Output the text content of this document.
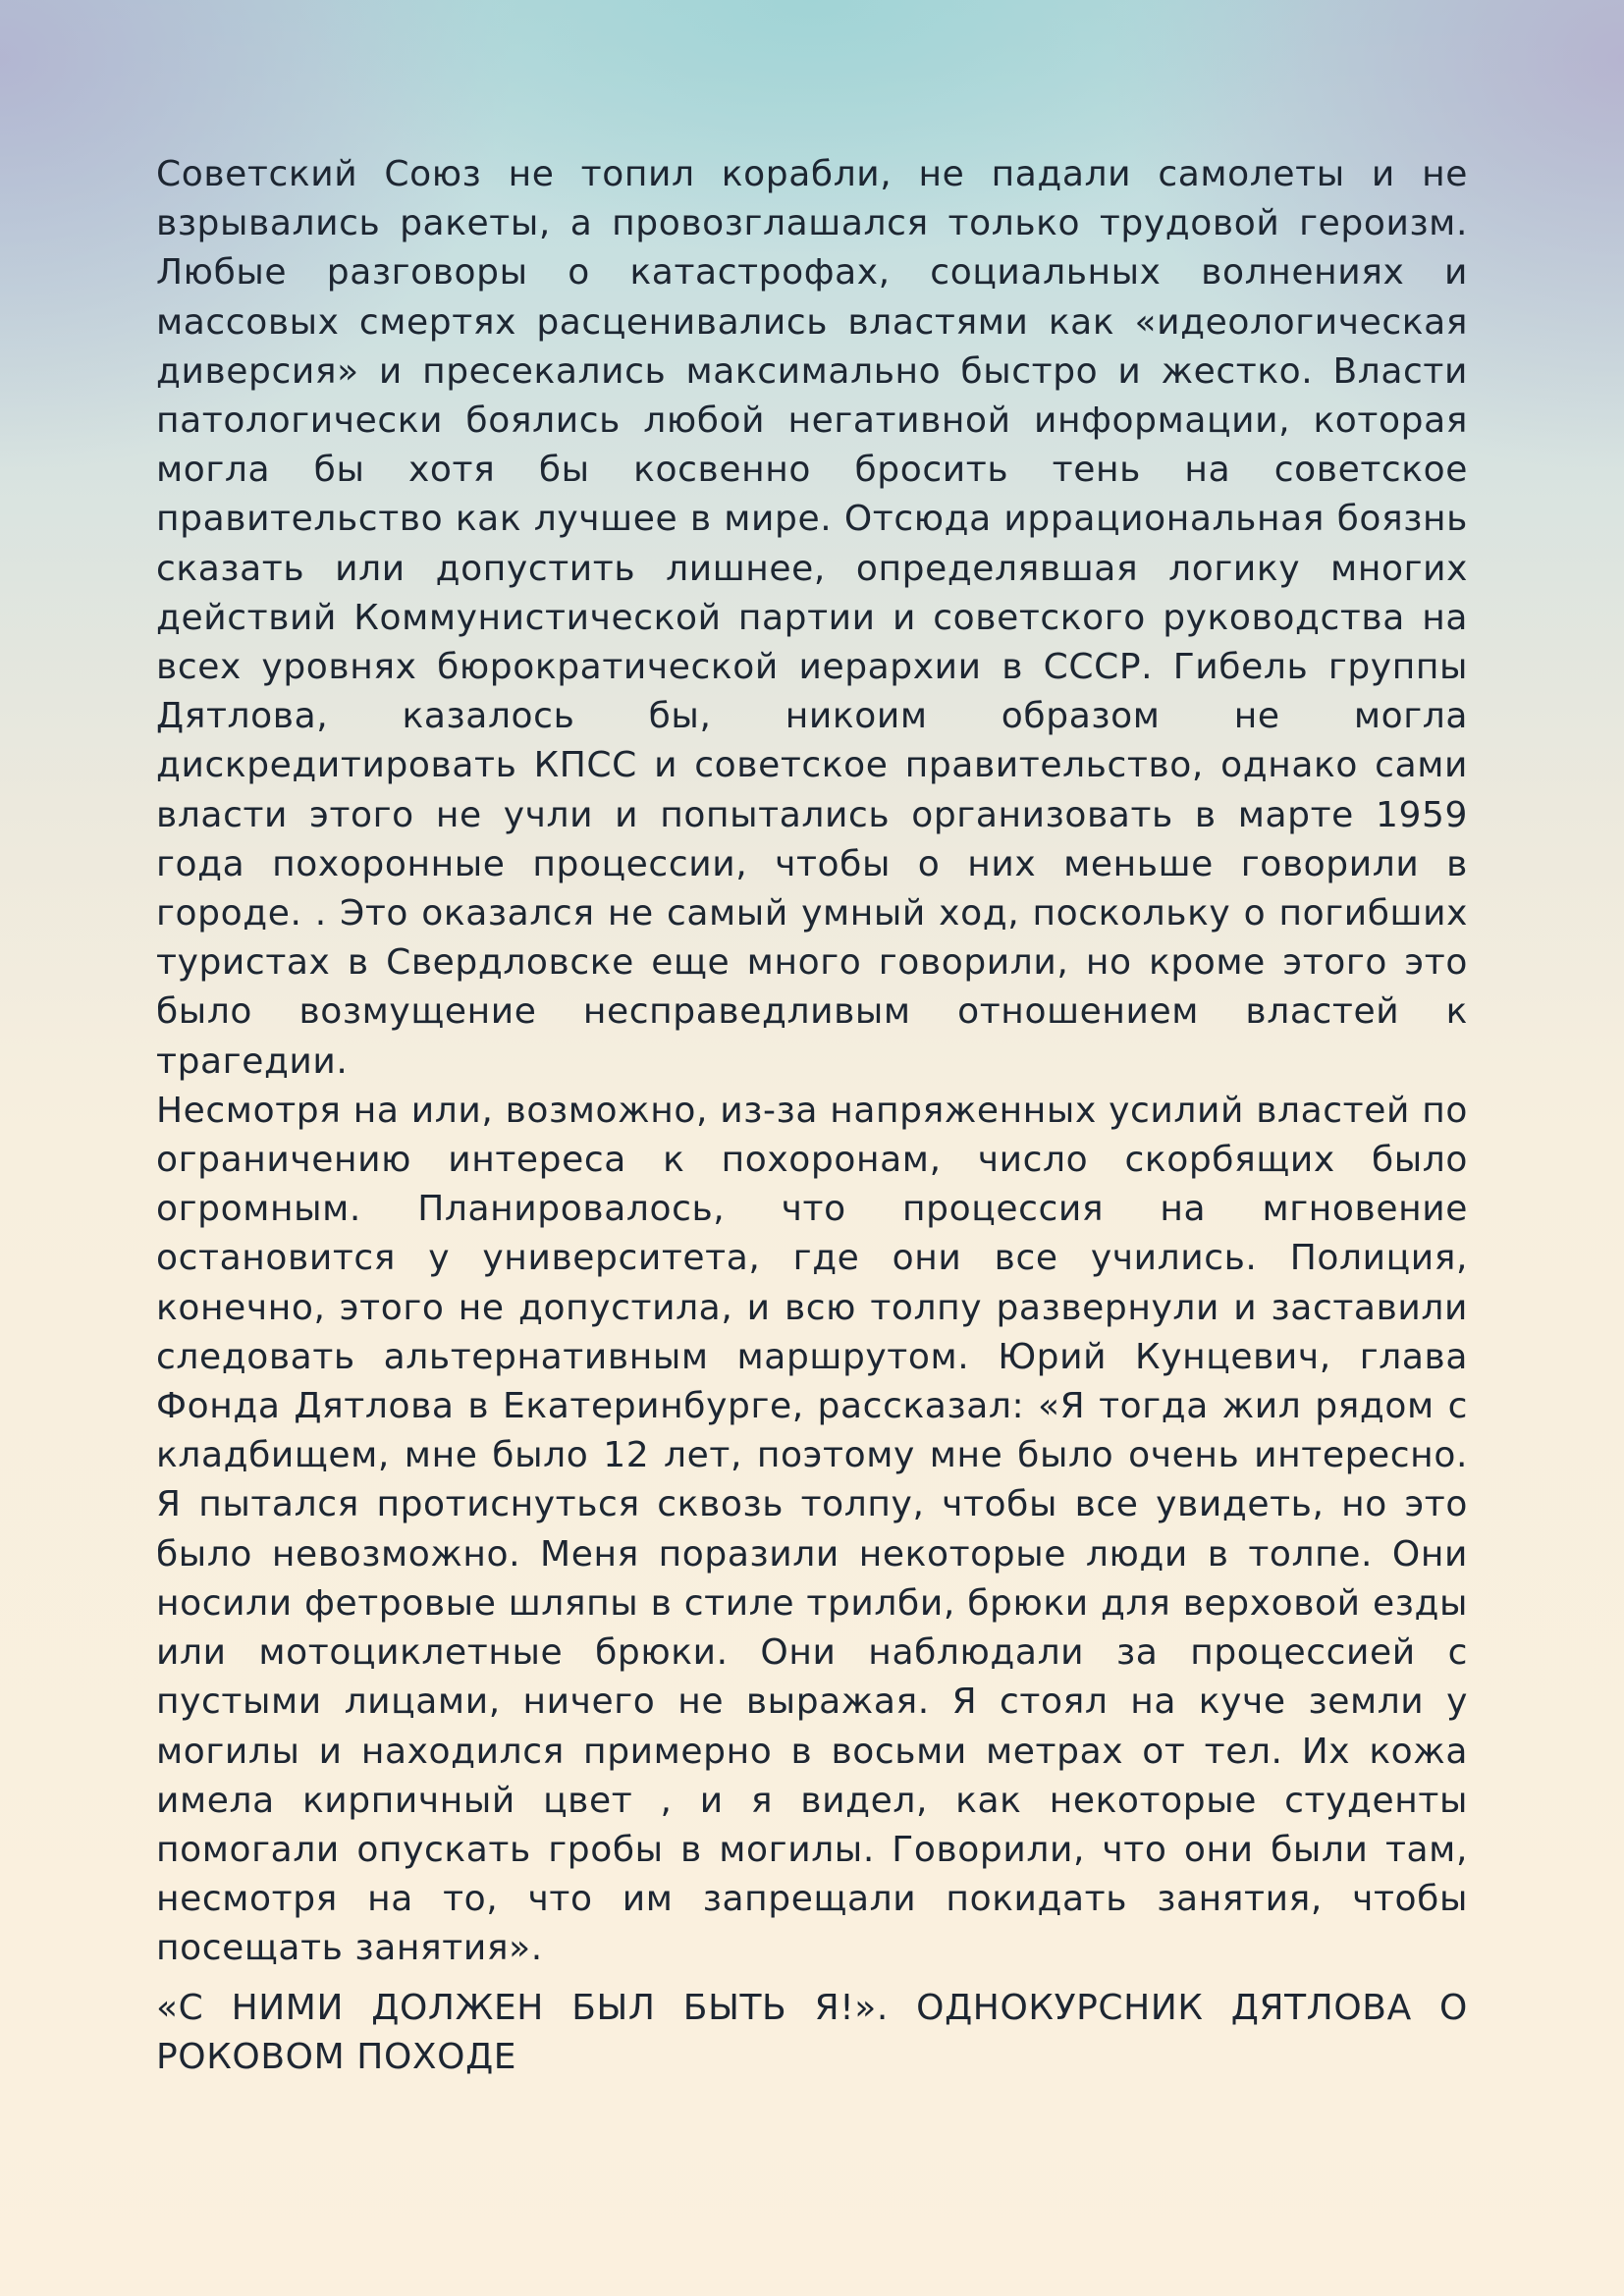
Советский Союз не топил корабли, не падали самолеты и не взрывались ракеты, а провозглашался только трудовой героизм. Любые разговоры о катастрофах, социальных волнениях и массовых смертях расценивались властями как «идеологическая диверсия» и пресекались максимально быстро и жестко. Власти патологически боялись любой негативной информации, которая могла бы хотя бы косвенно бросить тень на советское правительство как лучшее в мире. Отсюда иррациональная боязнь сказать или допустить лишнее, определявшая логику многих действий Коммунистической партии и советского руководства на всех уровнях бюрократической иерархии в СССР. Гибель группы Дятлова, казалось бы, никоим образом не могла дискредитировать КПСС и советское правительство, однако сами власти этого не учли и попытались организовать в марте 1959 года похоронные процессии, чтобы о них меньше говорили в городе. . Это оказался не самый умный ход, поскольку о погибших туристах в Свердловске еще много говорили, но кроме этого это было возмущение несправедливым отношением властей к трагедии.

Несмотря на или, возможно, из-за напряженных усилий властей по ограничению интереса к похоронам, число скорбящих было огромным. Планировалось, что процессия на мгновение остановится у университета, где они все учились. Полиция, конечно, этого не допустила, и всю толпу развернули и заставили следовать альтернативным маршрутом. Юрий Кунцевич, глава Фонда Дятлова в Екатеринбурге, рассказал: «Я тогда жил рядом с кладбищем, мне было 12 лет, поэтому мне было очень интересно. Я пытался протиснуться сквозь толпу, чтобы все увидеть, но это было невозможно. Меня поразили некоторые люди в толпе. Они носили фетровые шляпы в стиле трилби, брюки для верховой езды или мотоциклетные брюки. Они наблюдали за процессией с пустыми лицами, ничего не выражая. Я стоял на куче земли у могилы и находился примерно в восьми метрах от тел. Их кожа имела кирпичный цвет , и я видел, как некоторые студенты помогали опускать гробы в могилы. Говорили, что они были там, несмотря на то, что им запрещали покидать занятия, чтобы посещать занятия».

«С НИМИ ДОЛЖЕН БЫЛ БЫТЬ Я!». ОДНОКУРСНИК ДЯТЛОВА О РОКОВОМ ПОХОДЕ
